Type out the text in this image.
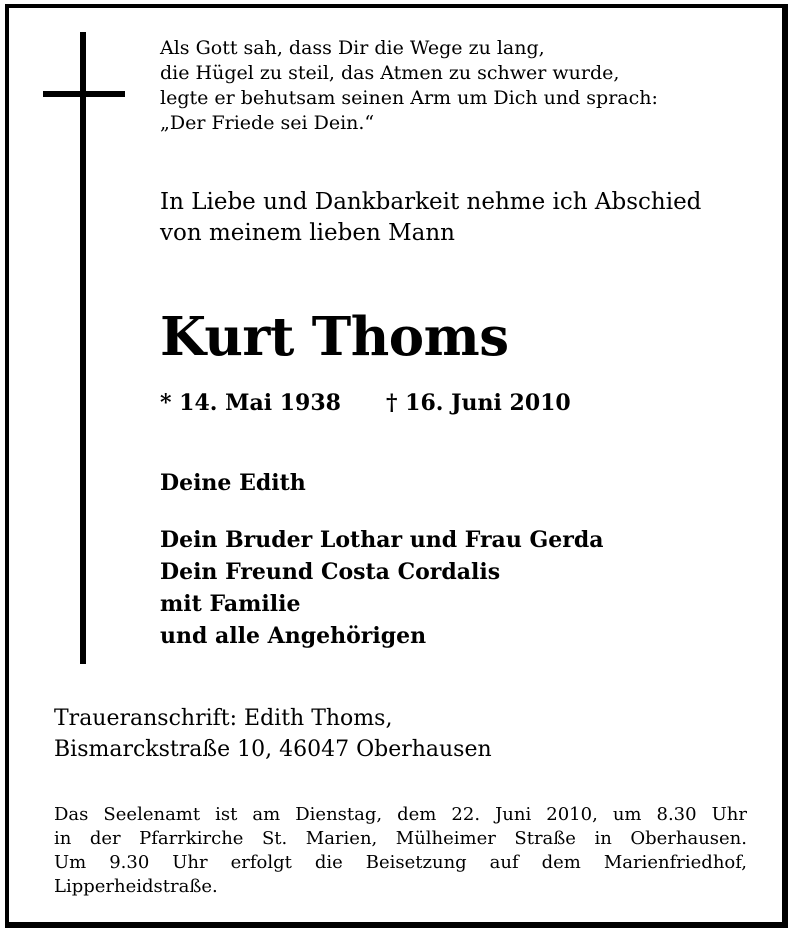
Als Gott sah, dass Dir die Wege zu lang,
die Hügel zu steil, das Atmen zu schwer wurde,
legte er behutsam seinen Arm um Dich und sprach:
„Der Friede sei Dein.“
In Liebe und Dankbarkeit nehme ich Abschied
von meinem lieben Mann
Kurt Thoms
* 14. Mai 1938 † 16. Juni 2010
Deine Edith
Dein Bruder Lothar und Frau Gerda
Dein Freund Costa Cordalis
mit Familie
und alle Angehörigen
Traueranschrift: Edith Thoms,
Bismarckstraße 10, 46047 Oberhausen
Das Seelenamt ist am Dienstag, dem 22. Juni 2010, um 8.30 Uhr
in der Pfarrkirche St. Marien, Mülheimer Straße in Oberhausen.
Um 9.30 Uhr erfolgt die Beisetzung auf dem Marienfriedhof,
Lipperheidstraße.
